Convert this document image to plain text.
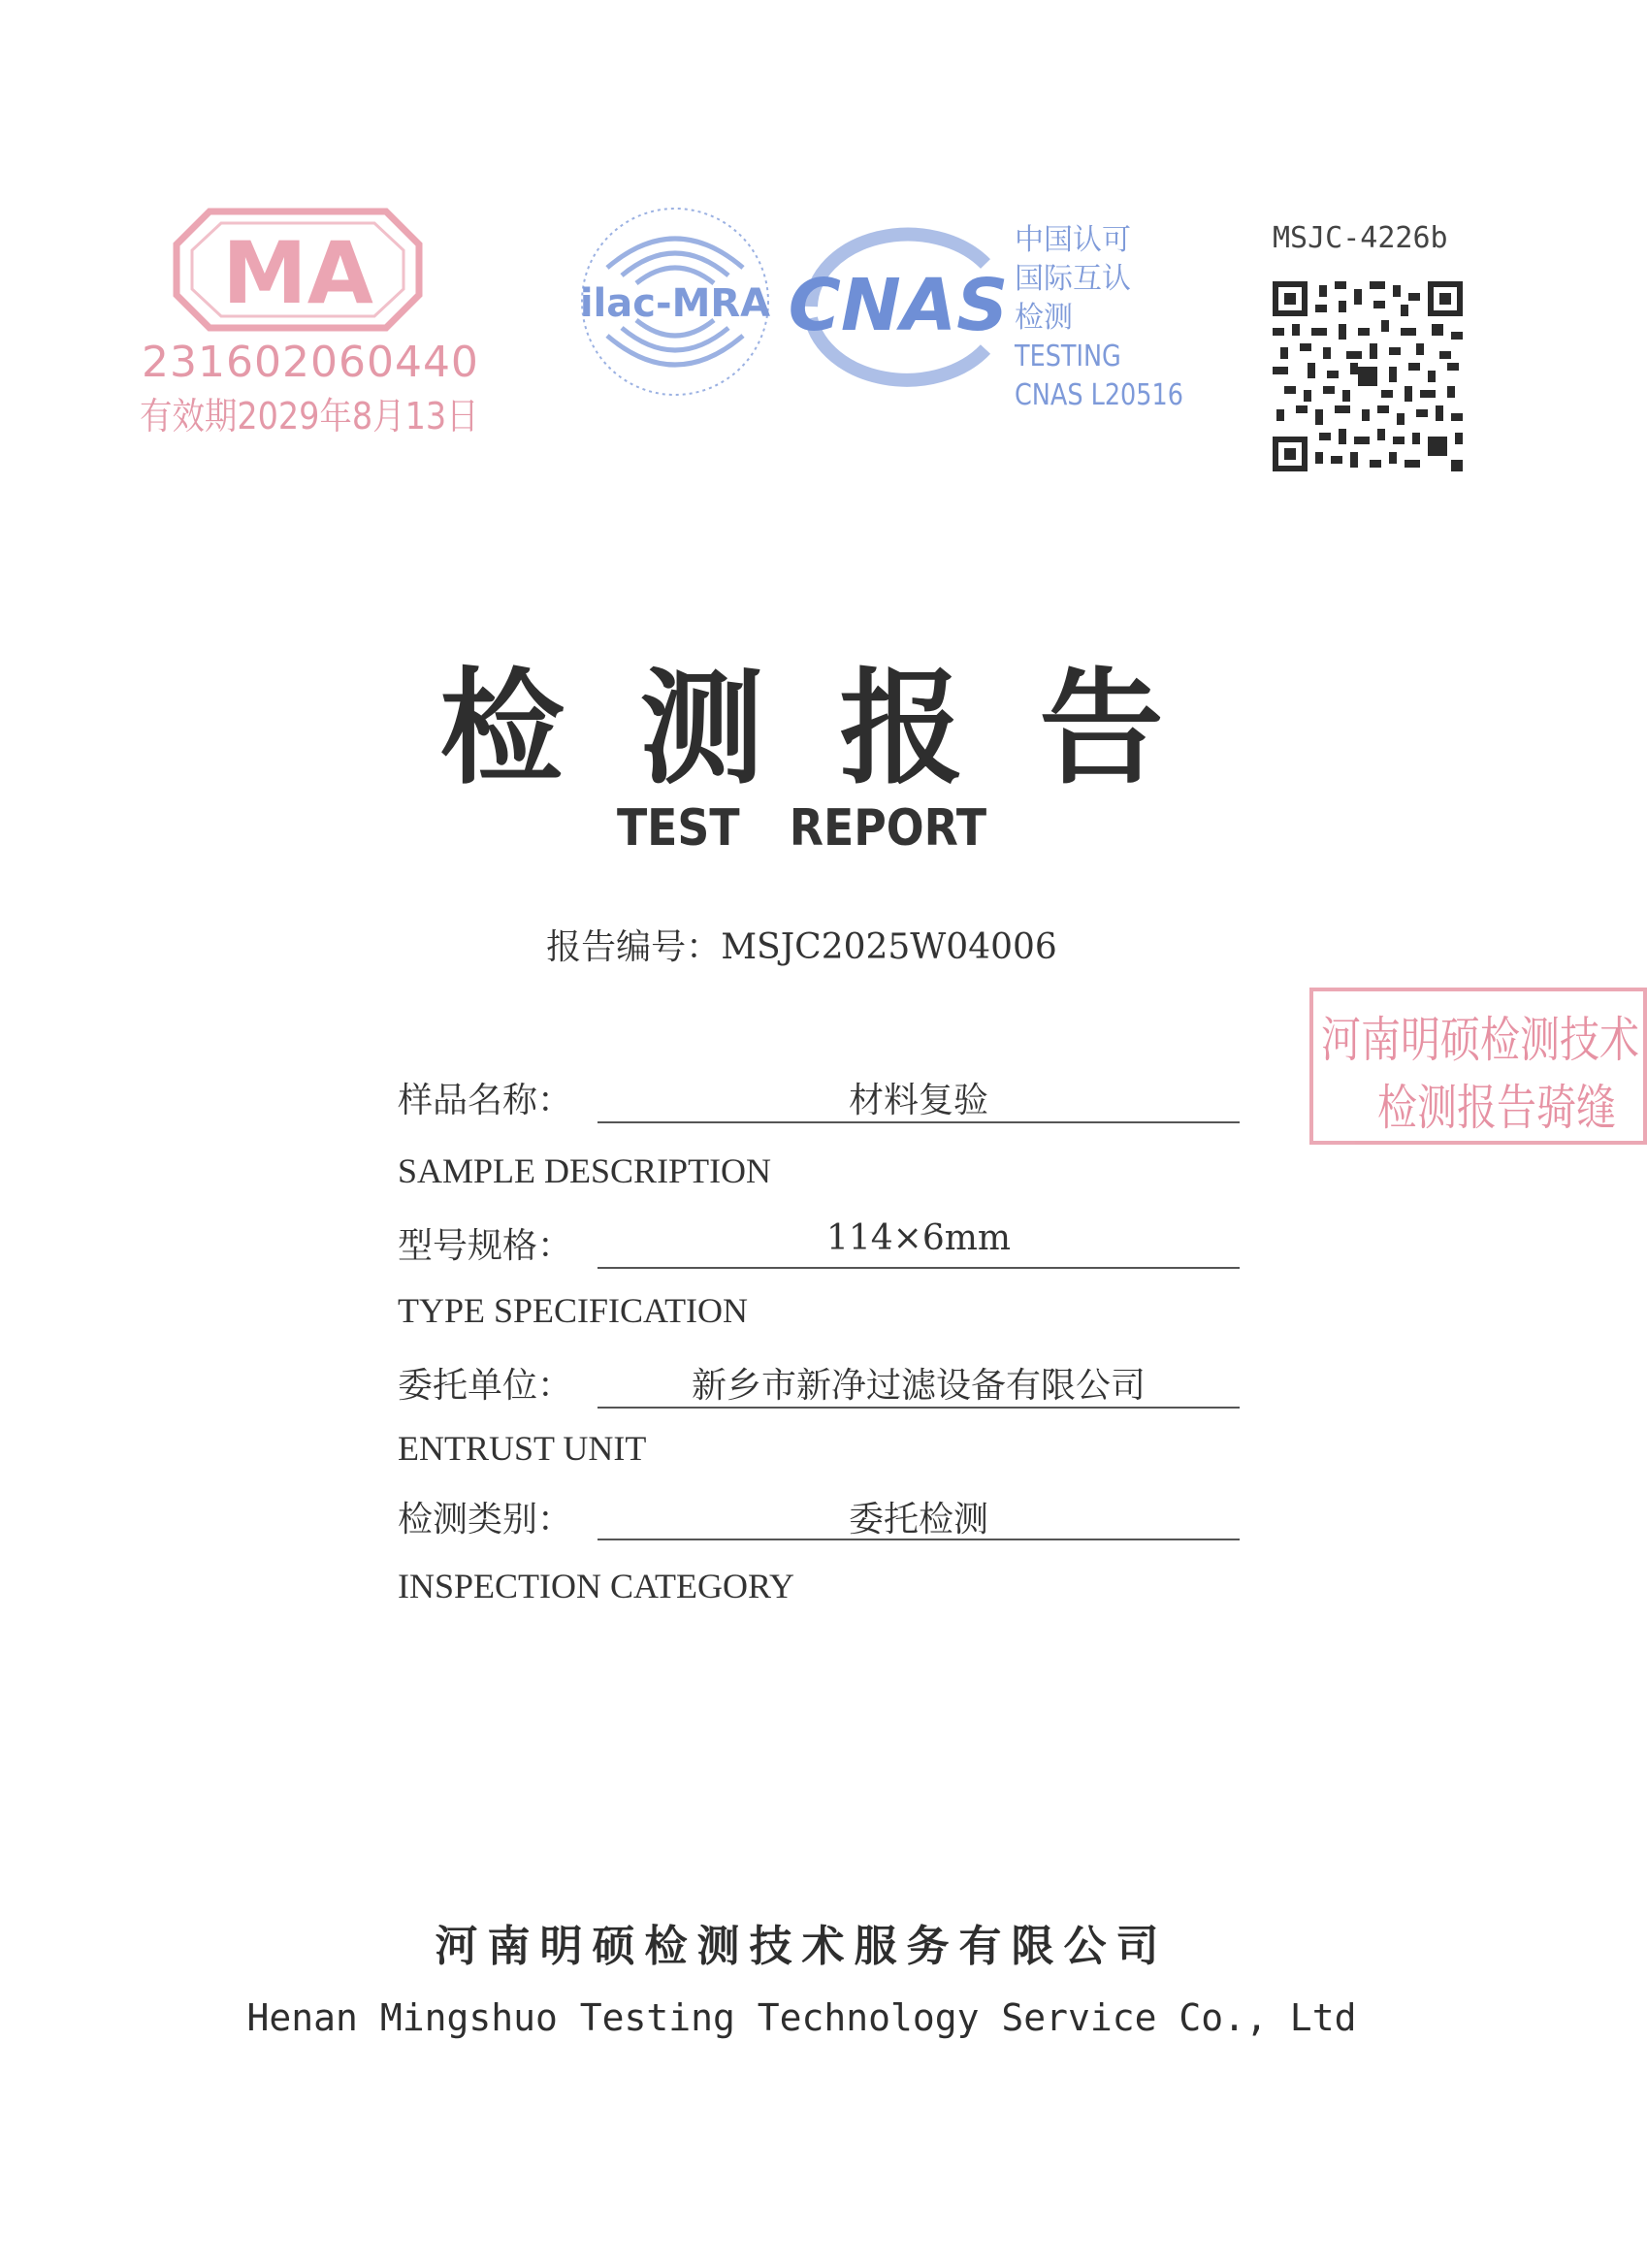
MA
231602060440
有效期2029年8月13日
ilac-MRA CNAS
中国认可
国际互认
检测
TESTING
CNAS L20516
MSJC-4226b
检测报告
TEST REPORT
报告编号：MSJC2025W04006
河南明硕检测技术
检测报告骑缝
样品名称：	材料复验
SAMPLE DESCRIPTION
型号规格：	114×6mm
TYPE SPECIFICATION
委托单位：	新乡市新净过滤设备有限公司
ENTRUST UNIT
检测类别：	委托检测
INSPECTION CATEGORY
河南明硕检测技术服务有限公司
Henan Mingshuo Testing Technology Service Co., Ltd
